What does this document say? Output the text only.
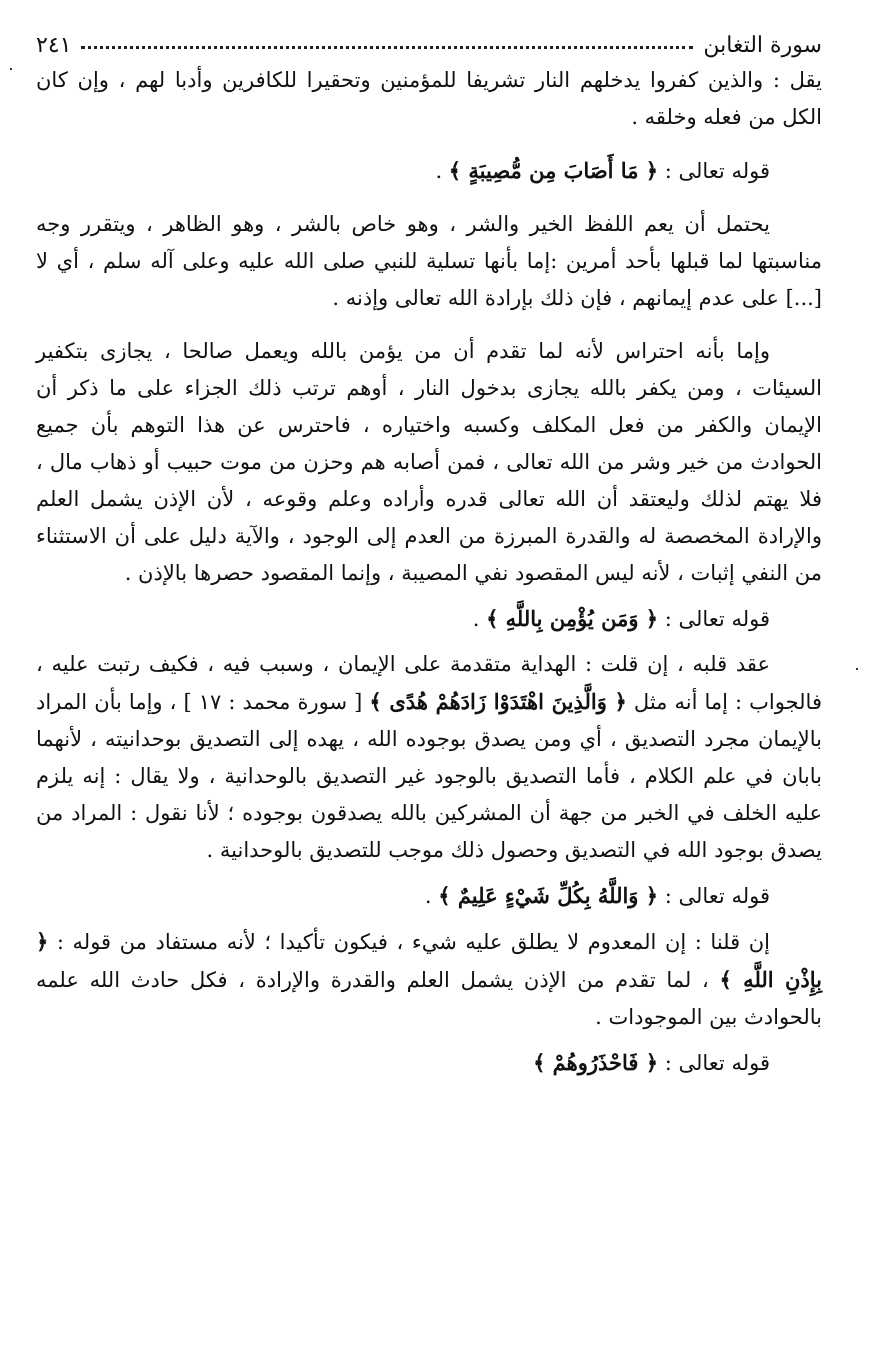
سورة التغابن
٢٤١

يقل : والذين كفروا يدخلهم النار تشريفا للمؤمنين وتحقيرا للكافرين وأدبا لهم ، وإن كان الكل من فعله وخلقه .

قوله تعالى : ﴿ مَا أَصَابَ مِن مُّصِيبَةٍ ﴾ .

يحتمل أن يعم اللفظ الخير والشر ، وهو خاص بالشر ، وهو الظاهر ، ويتقرر وجه مناسبتها لما قبلها بأحد أمرين :إما بأنها تسلية للنبي صلى الله عليه وعلى آله سلم ، أي لا [...] على عدم إيمانهم ، فإن ذلك بإرادة الله تعالى وإذنه .

وإما بأنه احتراس لأنه لما تقدم أن من يؤمن بالله ويعمل صالحا ، يجازى بتكفير السيئات ، ومن يكفر بالله يجازى بدخول النار ، أوهم ترتب ذلك الجزاء على ما ذكر أن الإيمان والكفر من فعل المكلف وكسبه واختياره ، فاحترس عن هذا التوهم بأن جميع الحوادث من خير وشر من الله تعالى ، فمن أصابه هم وحزن من موت حبيب أو ذهاب مال ، فلا يهتم لذلك وليعتقد أن الله تعالى قدره وأراده وعلم وقوعه ، لأن الإذن يشمل العلم والإرادة المخصصة له والقدرة المبرزة من العدم إلى الوجود ، والآية دليل على أن الاستثناء من النفي إثبات ، لأنه ليس المقصود نفي المصيبة ، وإنما المقصود حصرها بالإذن .

قوله تعالى : ﴿ وَمَن يُؤْمِن بِاللَّهِ ﴾ .

عقد قلبه ، إن قلت : الهداية متقدمة على الإيمان ، وسبب فيه ، فكيف رتبت عليه ، فالجواب : إما أنه مثل ﴿ وَالَّذِينَ اهْتَدَوْا زَادَهُمْ هُدًى ﴾ [ سورة محمد : ١٧ ] ، وإما بأن المراد بالإيمان مجرد التصديق ، أي ومن يصدق بوجوده الله ، يهده إلى التصديق بوحدانيته ، لأنهما بابان في علم الكلام ، فأما التصديق بالوجود غير التصديق بالوحدانية ، ولا يقال : إنه يلزم عليه الخلف في الخبر من جهة أن المشركين بالله يصدقون بوجوده ؛ لأنا نقول : المراد من يصدق بوجود الله في التصديق وحصول ذلك موجب للتصديق بالوحدانية .

قوله تعالى : ﴿ وَاللَّهُ بِكُلِّ شَيْءٍ عَلِيمٌ ﴾ .

إن قلنا : إن المعدوم لا يطلق عليه شيء ، فيكون تأكيدا ؛ لأنه مستفاد من قوله : ﴿ بِإِذْنِ اللَّهِ ﴾ ، لما تقدم من الإذن يشمل العلم والقدرة والإرادة ، فكل حادث الله علمه بالحوادث بين الموجودات .

قوله تعالى : ﴿ فَاحْذَرُوهُمْ ﴾
